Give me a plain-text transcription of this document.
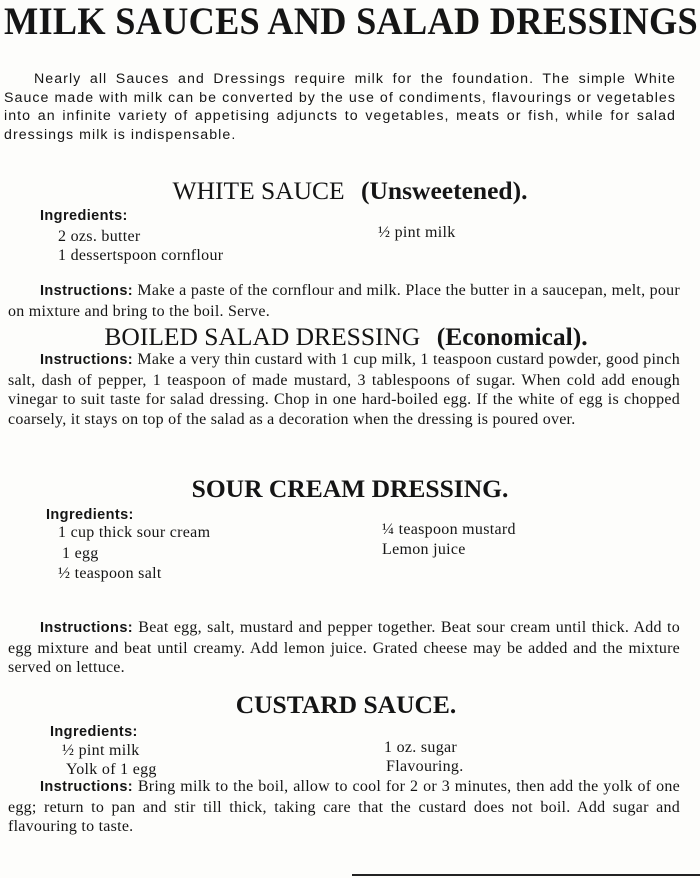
MILK SAUCES AND SALAD DRESSINGS
Nearly all Sauces and Dressings require milk for the foundation. The simple White Sauce made with milk can be converted by the use of condiments, flavourings or vegetables into an infinite variety of appetising adjuncts to vegetables, meats or fish, while for salad dressings milk is indispensable.
WHITE SAUCE (Unsweetened).
Ingredients:
2 ozs. butter
1 dessertspoon cornflour
½ pint milk
Instructions: Make a paste of the cornflour and milk. Place the butter in a saucepan, melt, pour on mixture and bring to the boil. Serve.
BOILED SALAD DRESSING (Economical).
Instructions: Make a very thin custard with 1 cup milk, 1 teaspoon custard powder, good pinch salt, dash of pepper, 1 teaspoon of made mustard, 3 tablespoons of sugar. When cold add enough vinegar to suit taste for salad dressing. Chop in one hard-boiled egg. If the white of egg is chopped coarsely, it stays on top of the salad as a decoration when the dressing is poured over.
SOUR CREAM DRESSING.
Ingredients:
1 cup thick sour cream
1 egg
½ teaspoon salt
¼ teaspoon mustard
Lemon juice
Instructions: Beat egg, salt, mustard and pepper together. Beat sour cream until thick. Add to egg mixture and beat until creamy. Add lemon juice. Grated cheese may be added and the mixture served on lettuce.
CUSTARD SAUCE.
Ingredients:
½ pint milk
Yolk of 1 egg
1 oz. sugar
Flavouring.
Instructions: Bring milk to the boil, allow to cool for 2 or 3 minutes, then add the yolk of one egg; return to pan and stir till thick, taking care that the custard does not boil. Add sugar and flavouring to taste.
